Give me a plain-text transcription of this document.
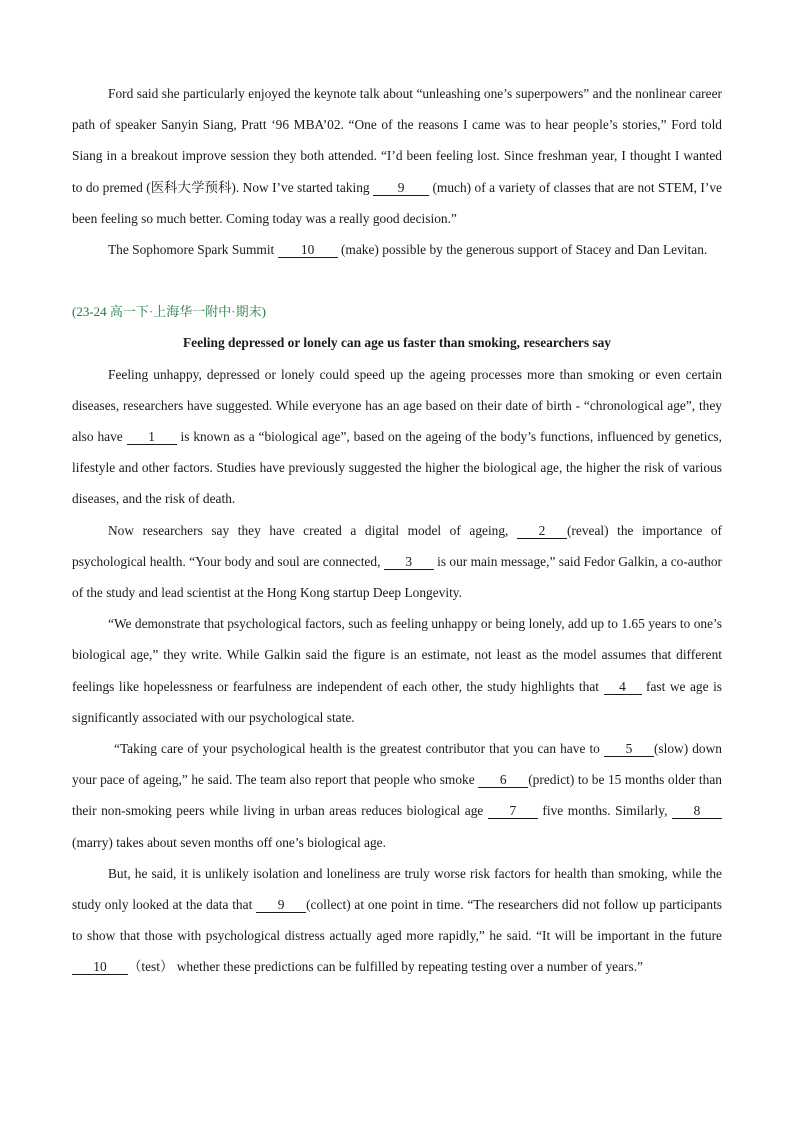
Ford said she particularly enjoyed the keynote talk about “unleashing one’s superpowers” and the nonlinear career path of speaker Sanyin Siang, Pratt ‘96 MBA’02. “One of the reasons I came was to hear people’s stories,” Ford told Siang in a breakout improve session they both attended. “I’d been feeling lost. Since freshman year, I thought I wanted to do premed (医科大学预科). Now I’ve started taking 9 (much) of a variety of classes that are not STEM, I’ve been feeling so much better. Coming today was a really good decision.”

The Sophomore Spark Summit 10 (make) possible by the generous support of Stacey and Dan Levitan.

(23-24 高一下·上海华一附中·期末)

Feeling depressed or lonely can age us faster than smoking, researchers say

Feeling unhappy, depressed or lonely could speed up the ageing processes more than smoking or even certain diseases, researchers have suggested. While everyone has an age based on their date of birth - “chronological age”, they also have 1 is known as a “biological age”, based on the ageing of the body’s functions, influenced by genetics, lifestyle and other factors. Studies have previously suggested the higher the biological age, the higher the risk of various diseases, and the risk of death.

Now researchers say they have created a digital model of ageing, 2 (reveal) the importance of psychological health. “Your body and soul are connected, 3 is our main message,” said Fedor Galkin, a co-author of the study and lead scientist at the Hong Kong startup Deep Longevity.

“We demonstrate that psychological factors, such as feeling unhappy or being lonely, add up to 1.65 years to one’s biological age,” they write. While Galkin said the figure is an estimate, not least as the model assumes that different feelings like hopelessness or fearfulness are independent of each other, the study highlights that 4 fast we age is significantly associated with our psychological state.

“Taking care of your psychological health is the greatest contributor that you can have to 5 (slow) down your pace of ageing,” he said. The team also report that people who smoke 6 (predict) to be 15 months older than their non-smoking peers while living in urban areas reduces biological age 7 five months. Similarly, 8(marry) takes about seven months off one’s biological age.

But, he said, it is unlikely isolation and loneliness are truly worse risk factors for health than smoking, while the study only looked at the data that 9 (collect) at one point in time. “The researchers did not follow up participants to show that those with psychological distress actually aged more rapidly,” he said. “It will be important in the future 10 （test） whether these predictions can be fulfilled by repeating testing over a number of years.”
